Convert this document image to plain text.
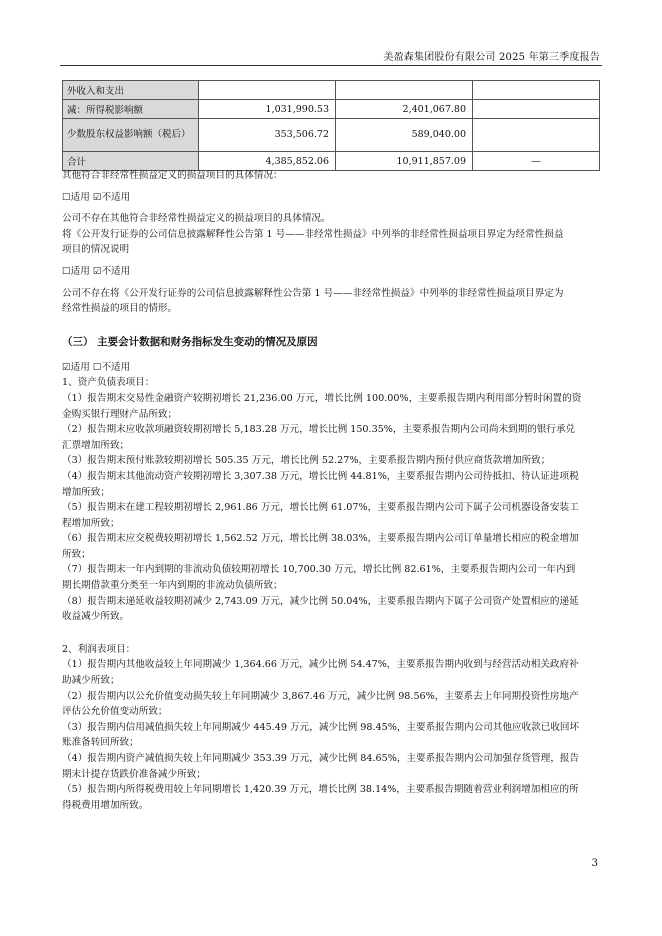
美盈森集团股份有限公司 2025 年第三季度报告
外收入和支出			
减：所得税影响额	1,031,990.53	2,401,067.80	
少数股东权益影响额（税后）	353,506.72	589,040.00	
合计	4,385,852.06	10,911,857.09	—

其他符合非经常性损益定义的损益项目的具体情况：

☐适用 ☑不适用

公司不存在其他符合非经常性损益定义的损益项目的具体情况。

将《公开发行证券的公司信息披露解释性公告第 1 号——非经常性损益》中列举的非经常性损益项目界定为经常性损益

项目的情况说明

☐适用 ☑不适用

公司不存在将《公开发行证券的公司信息披露解释性公告第 1 号——非经常性损益》中列举的非经常性损益项目界定为

经常性损益的项目的情形。

（三） 主要会计数据和财务指标发生变动的情况及原因

☑适用 ☐不适用

1、资产负债表项目：

（1）报告期末交易性金融资产较期初增长 21,236.00 万元，增长比例 100.00%，主要系报告期内利用部分暂时闲置的资

金购买银行理财产品所致；

（2）报告期末应收款项融资较期初增长 5,183.28 万元，增长比例 150.35%，主要系报告期内公司尚未到期的银行承兑

汇票增加所致；

（3）报告期末预付账款较期初增长 505.35 万元，增长比例 52.27%，主要系报告期内预付供应商货款增加所致；

（4）报告期末其他流动资产较期初增长 3,307.38 万元，增长比例 44.81%，主要系报告期内公司待抵扣、待认证进项税

增加所致；

（5）报告期末在建工程较期初增长 2,961.86 万元，增长比例 61.07%，主要系报告期内公司下属子公司机器设备安装工

程增加所致；

（6）报告期末应交税费较期初增长 1,562.52 万元，增长比例 38.03%，主要系报告期内公司订单量增长相应的税金增加

所致；

（7）报告期末一年内到期的非流动负债较期初增长 10,700.30 万元，增长比例 82.61%，主要系报告期内公司一年内到

期长期借款重分类至一年内到期的非流动负债所致；

（8）报告期末递延收益较期初减少 2,743.09 万元，减少比例 50.04%，主要系报告期内下属子公司资产处置相应的递延

收益减少所致。

2、利润表项目：

（1）报告期内其他收益较上年同期减少 1,364.66 万元，减少比例 54.47%，主要系报告期内收到与经营活动相关政府补

助减少所致；

（2）报告期内以公允价值变动损失较上年同期减少 3,867.46 万元，减少比例 98.56%，主要系去上年同期投资性房地产

评估公允价值变动所致；

（3）报告期内信用减值损失较上年同期减少 445.49 万元，减少比例 98.45%，主要系报告期内公司其他应收款已收回坏

账准备转回所致；

（4）报告期内资产减值损失较上年同期减少 353.39 万元，减少比例 84.65%，主要系报告期内公司加强存货管理，报告

期末计提存货跌价准备减少所致；

（5）报告期内所得税费用较上年同期增长 1,420.39 万元，增长比例 38.14%，主要系报告期随着营业利润增加相应的所

得税费用增加所致。

3
